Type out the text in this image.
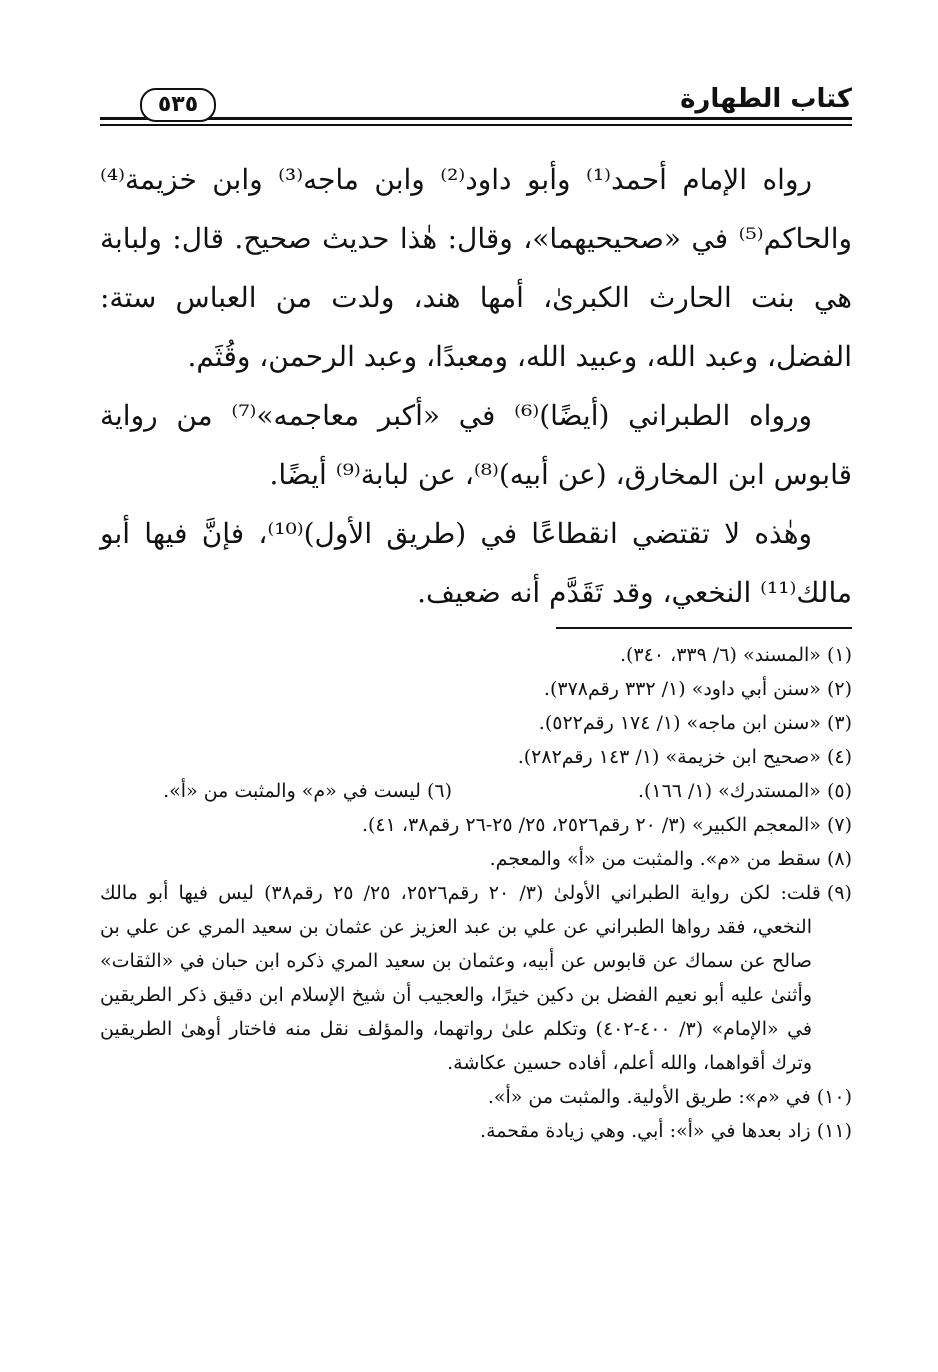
كتاب الطهارة
٥٣٥

رواه الإمام أحمد⁽¹⁾ وأبو داود⁽²⁾ وابن ماجه⁽³⁾ وابن خزيمة⁽⁴⁾ والحاكم⁽⁵⁾ في «صحيحيهما»، وقال: هٰذا حديث صحيح. قال: ولبابة هي بنت الحارث الكبرىٰ، أمها هند، ولدت من العباس ستة: الفضل، وعبد الله، وعبيد الله، ومعبدًا، وعبد الرحمن، وقُثَم.

ورواه الطبراني (أيضًا)⁽⁶⁾ في «أكبر معاجمه»⁽⁷⁾ من رواية قابوس ابن المخارق، (عن أبيه)⁽⁸⁾، عن لبابة⁽⁹⁾ أيضًا.

وهٰذه لا تقتضي انقطاعًا في (طريق الأول)⁽¹⁰⁾، فإنَّ فيها أبو مالك⁽¹¹⁾ النخعي، وقد تَقَدَّم أنه ضعيف.

(١)«المسند» (٦/ ٣٣٩، ٣٤٠).

(٢)«سنن أبي داود» (١/ ٣٣٢ رقم٣٧٨).

(٣)«سنن ابن ماجه» (١/ ١٧٤ رقم٥٢٢).

(٤)«صحيح ابن خزيمة» (١/ ١٤٣ رقم٢٨٢).

(٥)«المستدرك» (١/ ١٦٦).
(٦)ليست في «م» والمثبت من «أ».

(٧)«المعجم الكبير» (٣/ ٢٠ رقم٢٥٢٦، ٢٥/ ٢٥-٢٦ رقم٣٨، ٤١).

(٨)سقط من «م». والمثبت من «أ» والمعجم.

(٩)قلت: لكن رواية الطبراني الأولىٰ (٣/ ٢٠ رقم٢٥٢٦، ٢٥/ ٢٥ رقم٣٨) ليس فيها أبو مالك النخعي، فقد رواها الطبراني عن علي بن عبد العزيز عن عثمان بن سعيد المري عن علي بن صالح عن سماك عن قابوس عن أبيه، وعثمان بن سعيد المري ذكره ابن حبان في «الثقات» وأثنىٰ عليه أبو نعيم الفضل بن دكين خيرًا، والعجيب أن شيخ الإسلام ابن دقيق ذكر الطريقين في «الإمام» (٣/ ٤٠٠-٤٠٢) وتكلم علىٰ رواتهما، والمؤلف نقل منه فاختار أوهىٰ الطريقين وترك أقواهما، والله أعلم، أفاده حسين عكاشة.

(١٠)في «م»: طريق الأولية. والمثبت من «أ».

(١١)زاد بعدها في «أ»: أبي. وهي زيادة مقحمة.
